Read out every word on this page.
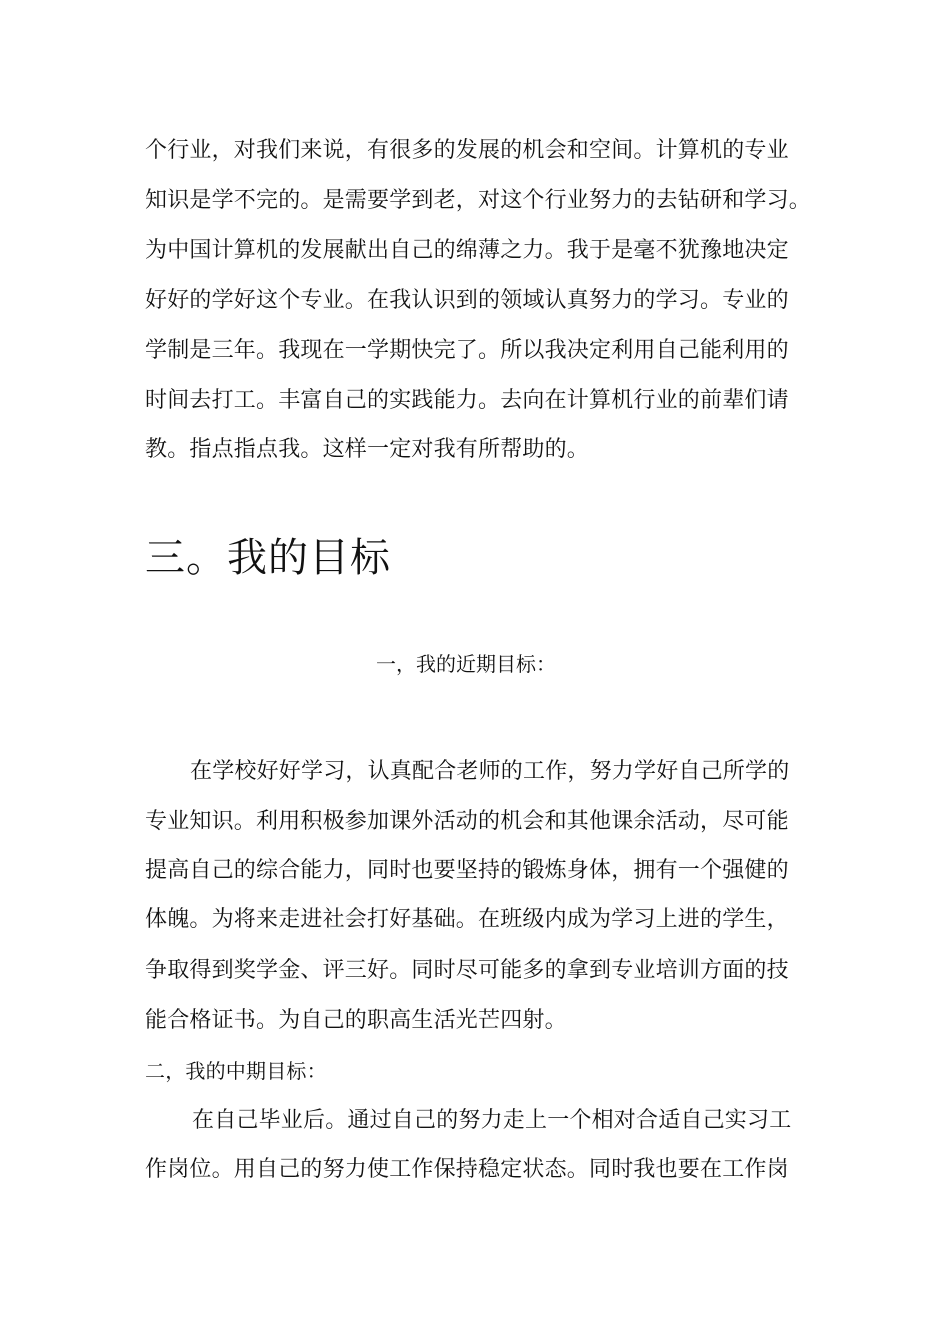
个行业，对我们来说，有很多的发展的机会和空间。计算机的专业
知识是学不完的。是需要学到老，对这个行业努力的去钻研和学习。
为中国计算机的发展献出自己的绵薄之力。我于是毫不犹豫地决定
好好的学好这个专业。在我认识到的领域认真努力的学习。专业的
学制是三年。我现在一学期快完了。所以我决定利用自己能利用的
时间去打工。丰富自己的实践能力。去向在计算机行业的前辈们请
教。指点指点我。这样一定对我有所帮助的。
三。我的目标
一，我的近期目标：
在学校好好学习，认真配合老师的工作，努力学好自己所学的
专业知识。利用积极参加课外活动的机会和其他课余活动，尽可能
提高自己的综合能力，同时也要坚持的锻炼身体，拥有一个强健的
体魄。为将来走进社会打好基础。在班级内成为学习上进的学生，
争取得到奖学金、评三好。同时尽可能多的拿到专业培训方面的技
能合格证书。为自己的职高生活光芒四射。
二，我的中期目标：
在自己毕业后。通过自己的努力走上一个相对合适自己实习工
作岗位。用自己的努力使工作保持稳定状态。同时我也要在工作岗
